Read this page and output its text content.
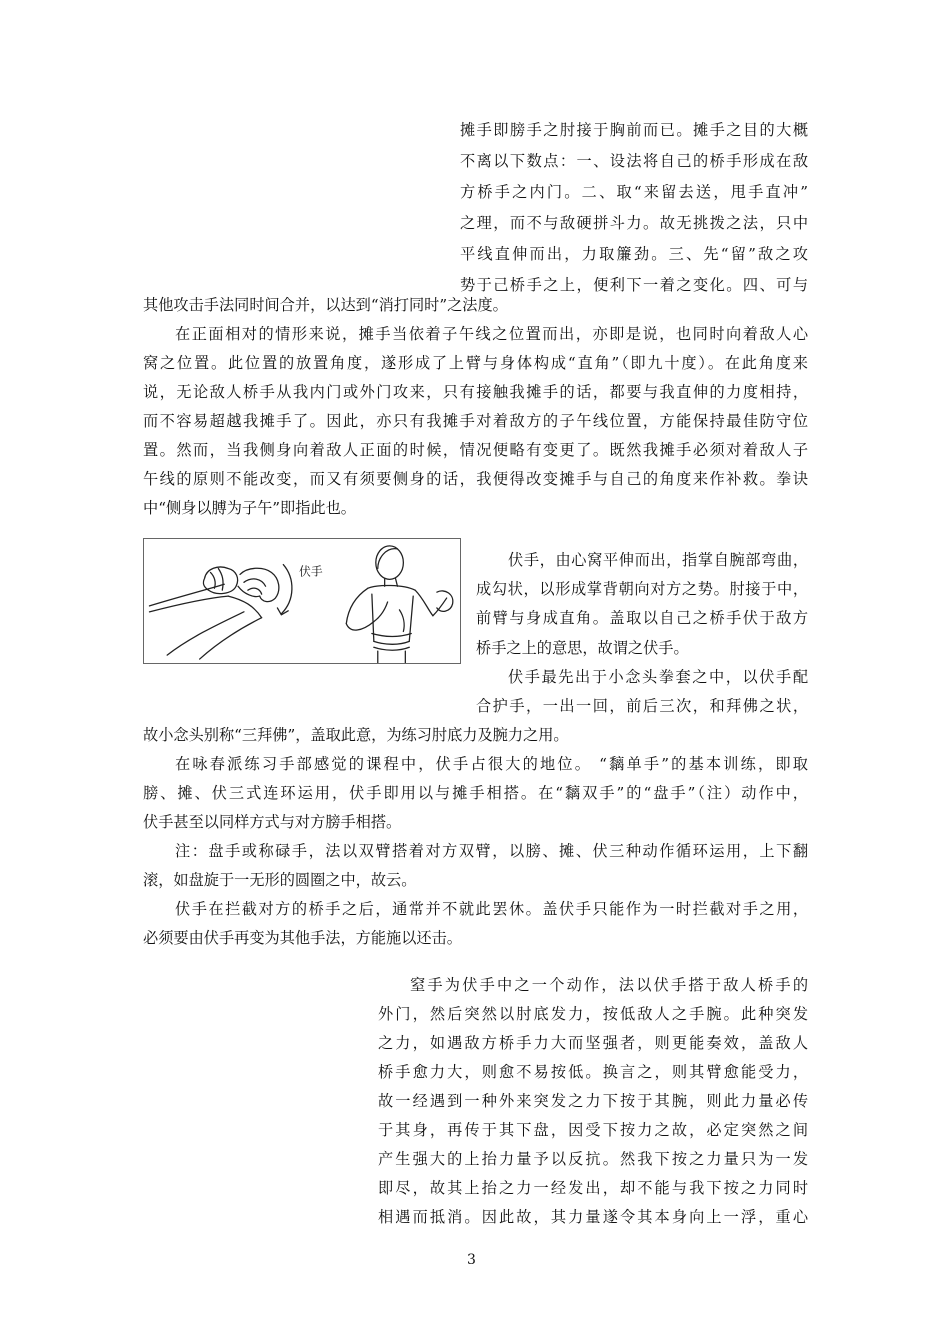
摊手即膀手之肘接于胸前而已。摊手之目的大概
不离以下数点：一、设法将自己的桥手形成在敌
方桥手之内门。二、取“来留去送，甩手直冲”
之理，而不与敌硬拼斗力。故无挑拨之法，只中
平线直伸而出，力取簾劲。三、先“留”敌之攻
势于己桥手之上，便利下一着之变化。四、可与
其他攻击手法同时间合并，以达到“消打同时”之法度。
在正面相对的情形来说，摊手当依着子午线之位置而出，亦即是说，也同时向着敌人心
窝之位置。此位置的放置角度，遂形成了上臂与身体构成“直角”（即九十度）。在此角度来
说，无论敌人桥手从我内门或外门攻来，只有接触我摊手的话，都要与我直伸的力度相持，
而不容易超越我摊手了。因此，亦只有我摊手对着敌方的子午线位置，方能保持最佳防守位
置。然而，当我侧身向着敌人正面的时候，情况便略有变更了。既然我摊手必须对着敌人子
午线的原则不能改变，而又有须要侧身的话，我便得改变摊手与自己的角度来作补救。拳诀
中“侧身以膊为子午”即指此也。
伏手
伏手，由心窝平伸而出，指掌自腕部弯曲，
成勾状，以形成掌背朝向对方之势。肘接于中，
前臂与身成直角。盖取以自己之桥手伏于敌方
桥手之上的意思，故谓之伏手。
伏手最先出于小念头拳套之中，以伏手配
合护手，一出一回，前后三次，和拜佛之状，
故小念头别称“三拜佛”，盖取此意，为练习肘底力及腕力之用。
在咏春派练习手部感觉的课程中，伏手占很大的地位。 “黐单手”的基本训练，即取
膀、摊、伏三式连环运用，伏手即用以与摊手相搭。在“黐双手”的“盘手”（注）动作中，
伏手甚至以同样方式与对方膀手相搭。
注：盘手或称碌手，法以双臂搭着对方双臂，以膀、摊、伏三种动作循环运用，上下翻
滚，如盘旋于一无形的圆圈之中，故云。
伏手在拦截对方的桥手之后，通常并不就此罢休。盖伏手只能作为一时拦截对手之用，
必须要由伏手再变为其他手法，方能施以还击。
窒手为伏手中之一个动作，法以伏手搭于敌人桥手的
外门，然后突然以肘底发力，按低敌人之手腕。此种突发
之力，如遇敌方桥手力大而坚强者，则更能奏效，盖敌人
桥手愈力大，则愈不易按低。换言之，则其臂愈能受力，
故一经遇到一种外来突发之力下按于其腕，则此力量必传
于其身，再传于其下盘，因受下按力之故，必定突然之间
产生强大的上抬力量予以反抗。然我下按之力量只为一发
即尽，故其上抬之力一经发出，却不能与我下按之力同时
相遇而抵消。因此故，其力量遂令其本身向上一浮，重心
3
